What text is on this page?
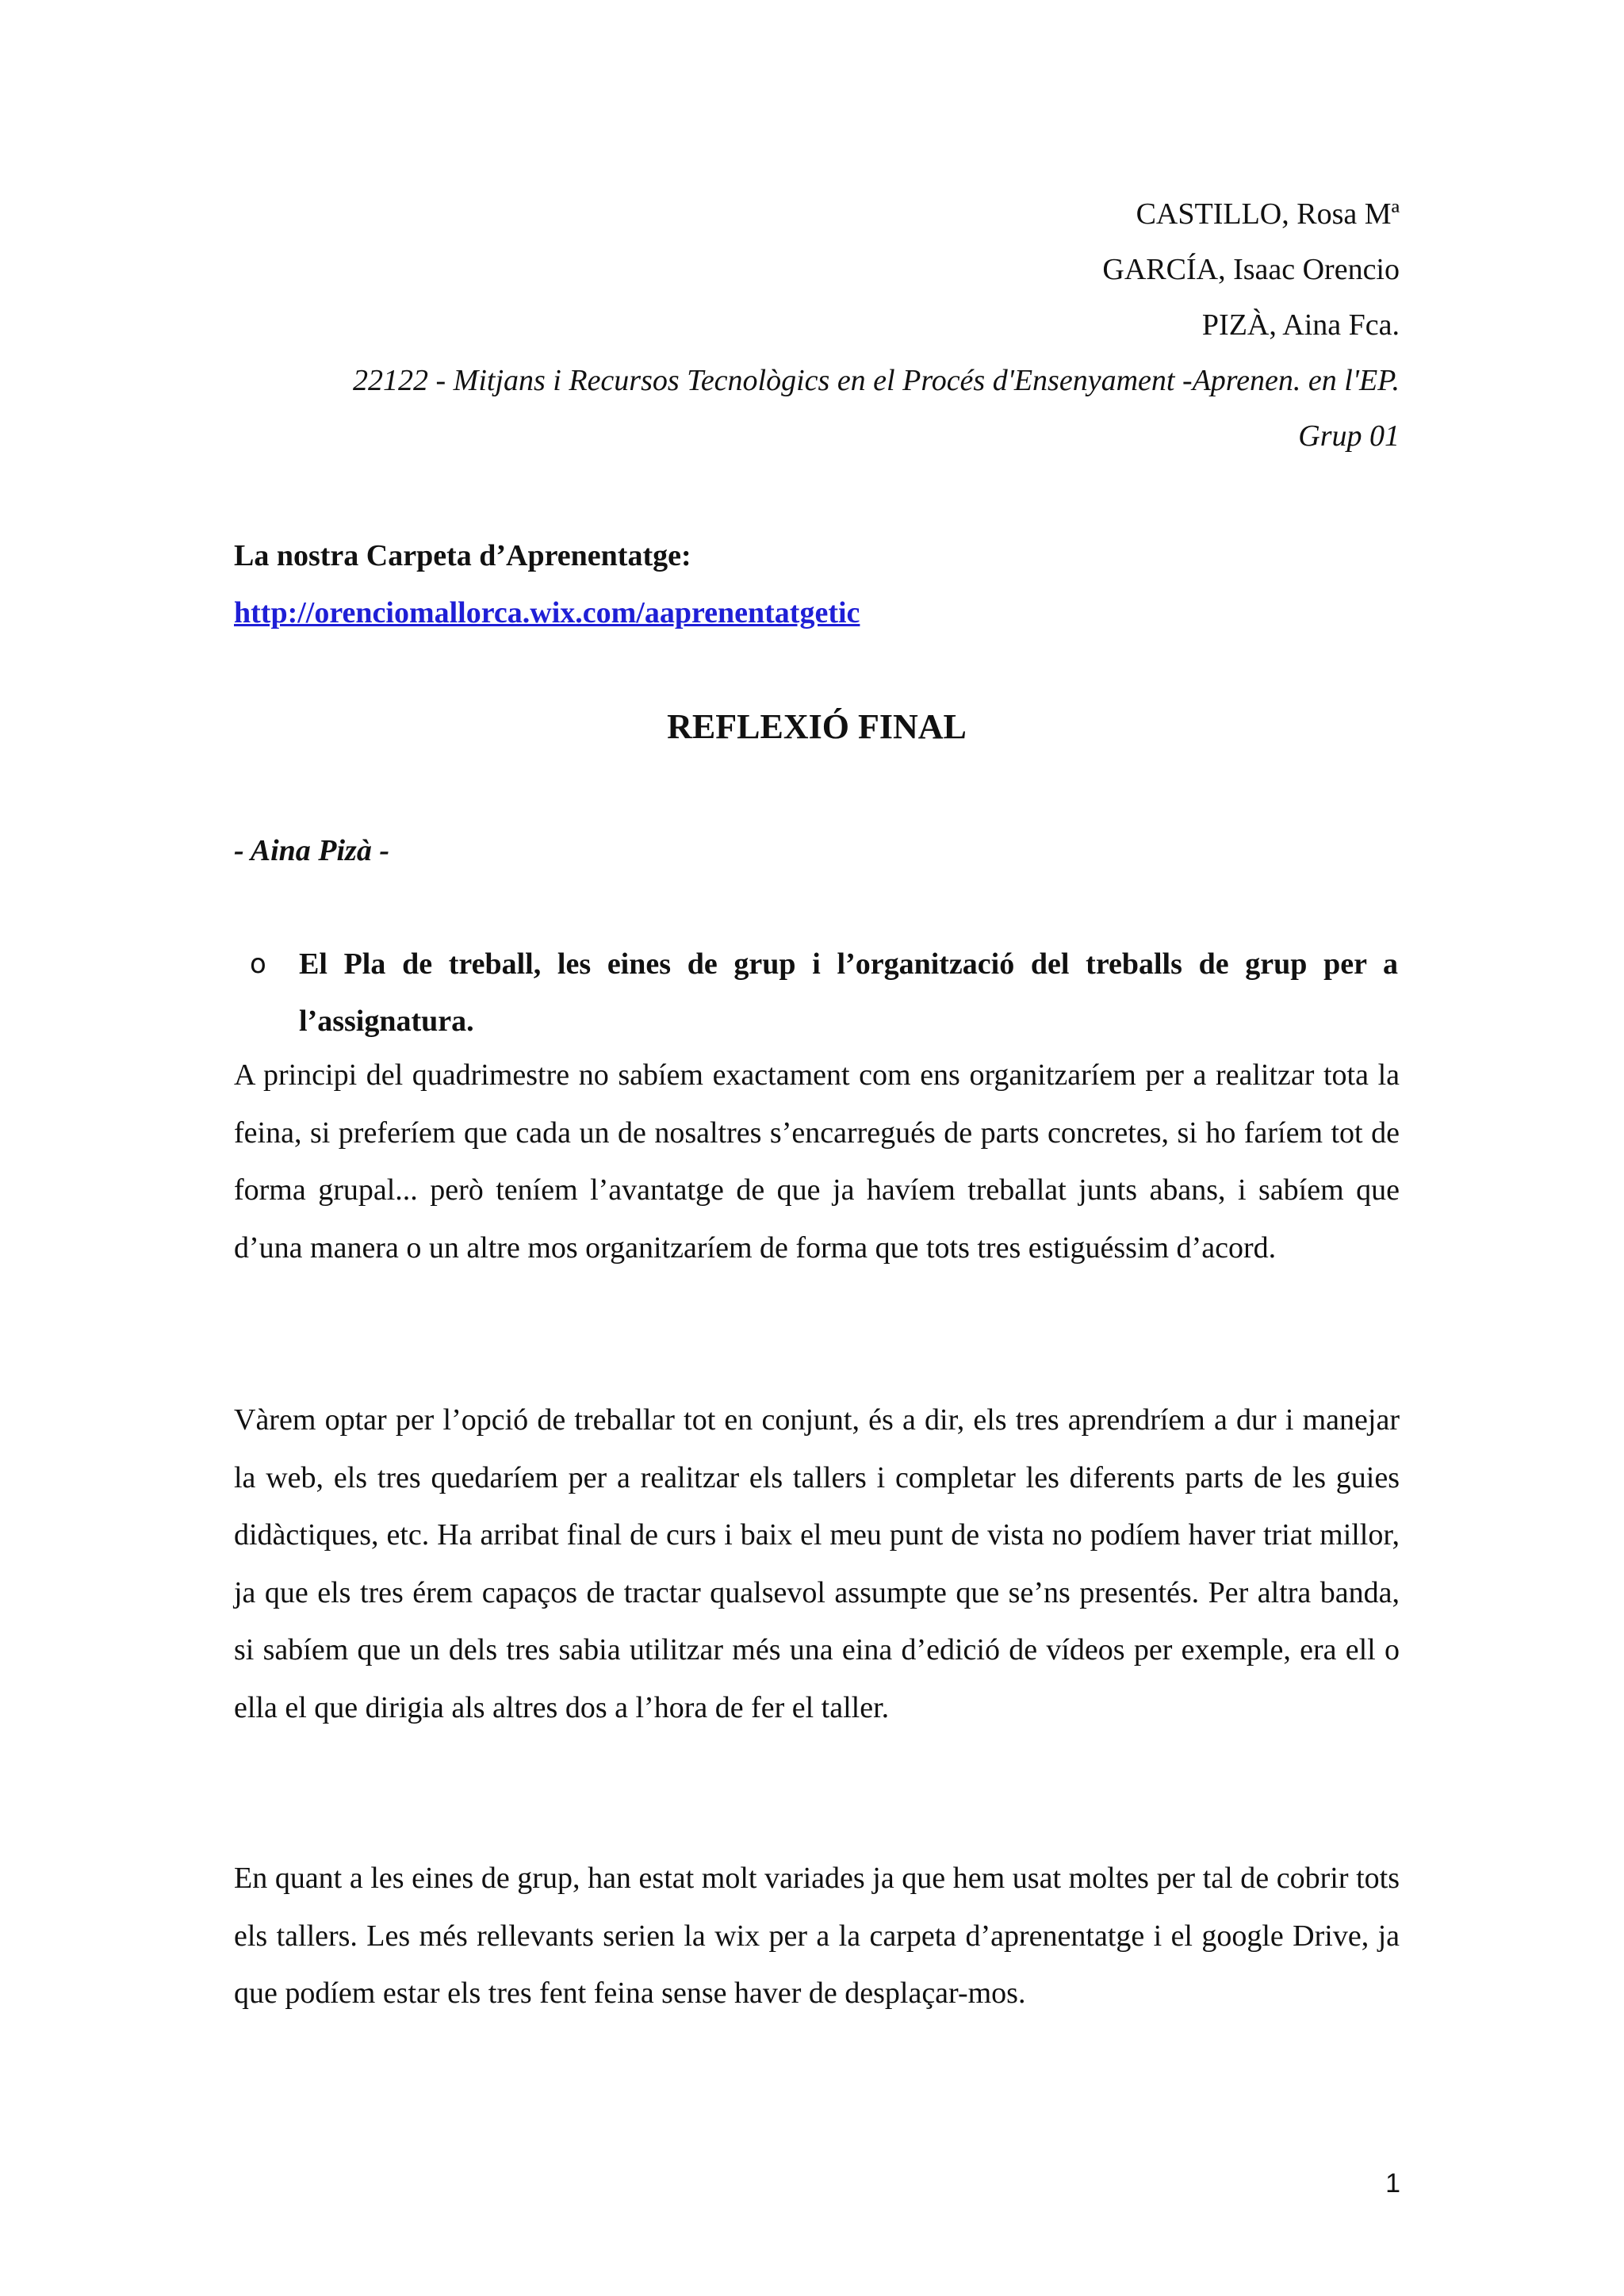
CASTILLO, Rosa Mª
GARCÍA, Isaac Orencio
PIZÀ, Aina Fca.
22122 - Mitjans i Recursos Tecnològics en el Procés d'Ensenyament -Aprenen. en l'EP.
Grup 01
La nostra Carpeta d’Aprenentatge:
http://orenciomallorca.wix.com/aaprenentatgetic
REFLEXIÓ FINAL
- Aina Pizà -
o El Pla de treball, les eines de grup i l’organització del treballs de grup per a l’assignatura.

A principi del quadrimestre no sabíem exactament com ens organitzaríem per a realitzar tota la feina, si preferíem que cada un de nosaltres s’encarregués de parts concretes, si ho faríem tot de forma grupal... però teníem l’avantatge de que ja havíem treballat junts abans, i sabíem que d’una manera o un altre mos organitzaríem de forma que tots tres estiguéssim d’acord.

Vàrem optar per l’opció de treballar tot en conjunt, és a dir, els tres aprendríem a dur i manejar la web, els tres quedaríem per a realitzar els tallers i completar les diferents parts de les guies didàctiques, etc. Ha arribat final de curs i baix el meu punt de vista no podíem haver triat millor, ja que els tres érem capaços de tractar qualsevol assumpte que se’ns presentés. Per altra banda, si sabíem que un dels tres sabia utilitzar més una eina d’edició de vídeos per exemple, era ell o ella el que dirigia als altres dos a l’hora de fer el taller.

En quant a les eines de grup, han estat molt variades ja que hem usat moltes per tal de cobrir tots els tallers. Les més rellevants serien la wix per a la carpeta d’aprenentatge i el google Drive, ja que podíem estar els tres fent feina sense haver de desplaçar-mos.

1
